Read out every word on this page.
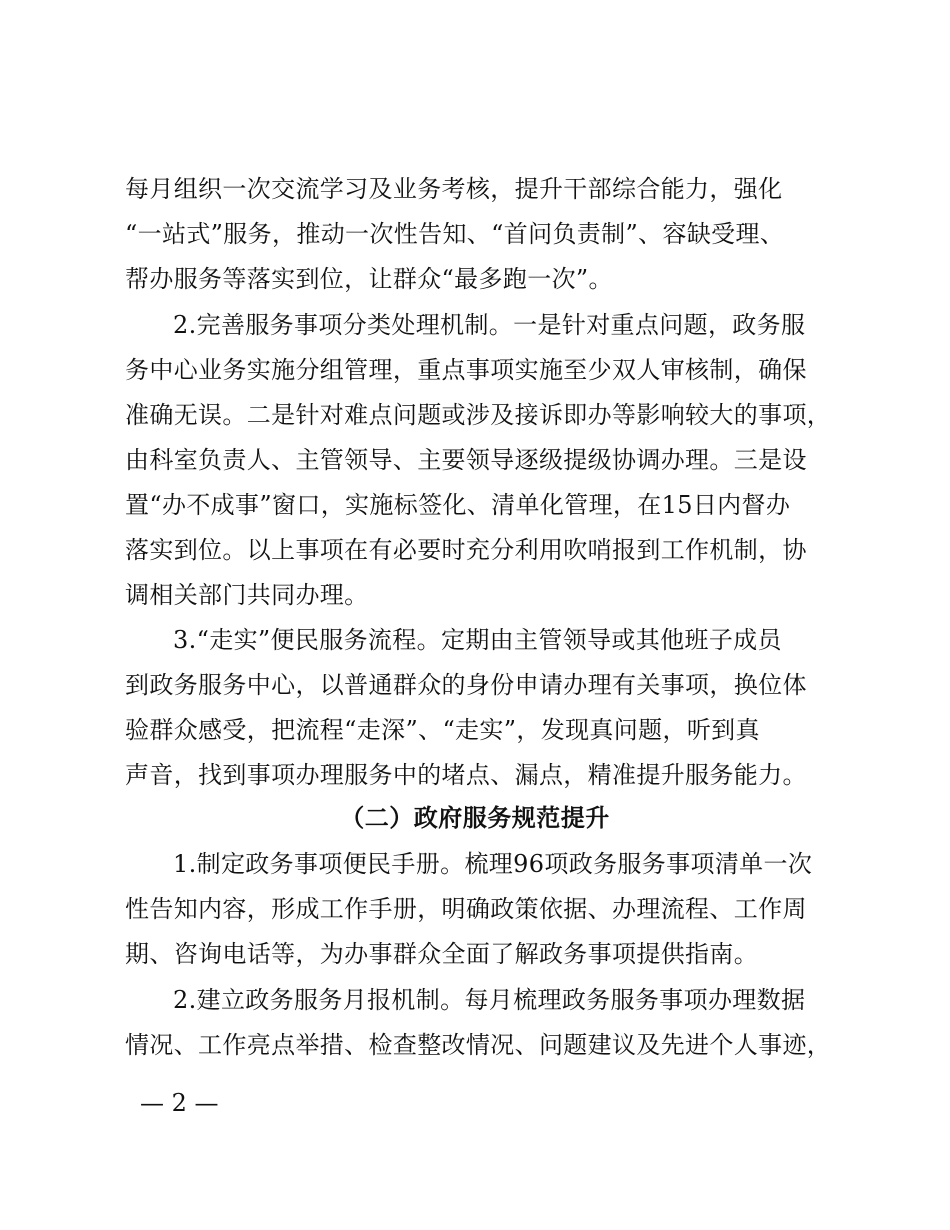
每月组织一次交流学习及业务考核，提升干部综合能力，强化
“一站式”服务，推动一次性告知、“首问负责制”、容缺受理、
帮办服务等落实到位，让群众“最多跑一次”。
2.完善服务事项分类处理机制。一是针对重点问题，政务服
务中心业务实施分组管理，重点事项实施至少双人审核制，确保
准确无误。二是针对难点问题或涉及接诉即办等影响较大的事项，
由科室负责人、主管领导、主要领导逐级提级协调办理。三是设
置“办不成事”窗口，实施标签化、清单化管理，在15日内督办
落实到位。以上事项在有必要时充分利用吹哨报到工作机制，协
调相关部门共同办理。
3.“走实”便民服务流程。定期由主管领导或其他班子成员
到政务服务中心，以普通群众的身份申请办理有关事项，换位体
验群众感受，把流程“走深”、“走实”，发现真问题，听到真
声音，找到事项办理服务中的堵点、漏点，精准提升服务能力。
（二）政府服务规范提升
1.制定政务事项便民手册。梳理96项政务服务事项清单一次
性告知内容，形成工作手册，明确政策依据、办理流程、工作周
期、咨询电话等，为办事群众全面了解政务事项提供指南。
2.建立政务服务月报机制。每月梳理政务服务事项办理数据
情况、工作亮点举措、检查整改情况、问题建议及先进个人事迹，
— 2 —
